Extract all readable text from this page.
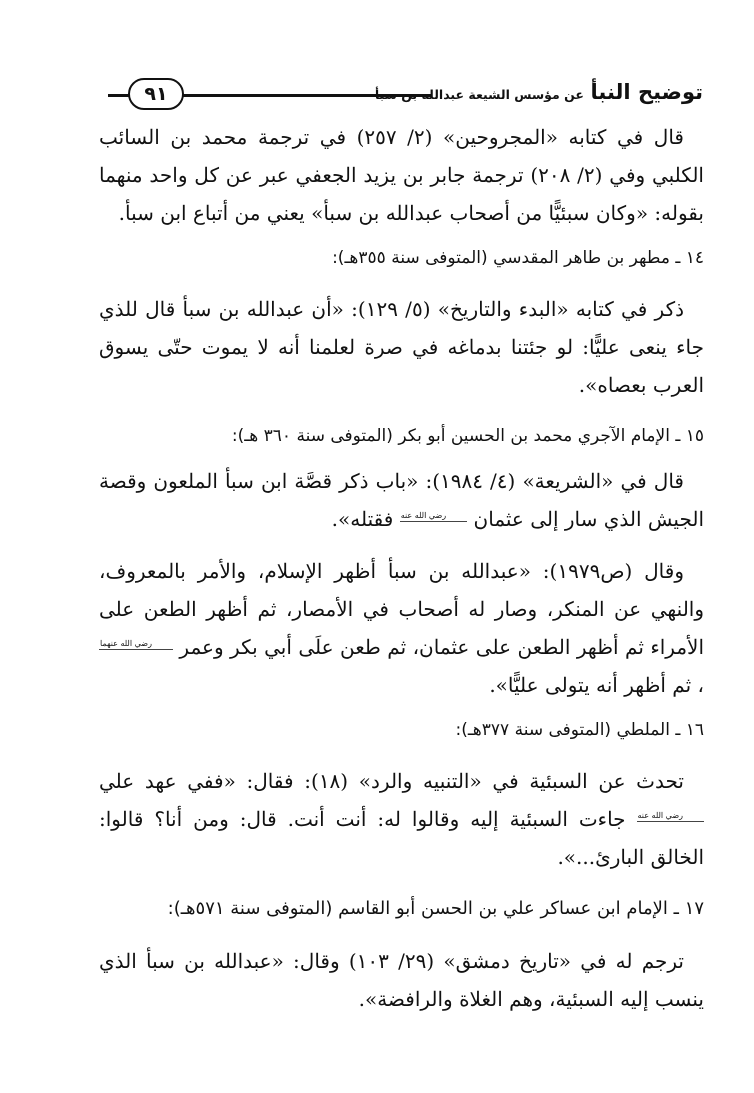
توضيح النبأ عن مؤسس الشيعة عبدالله بن سبأ
٩١

قال في كتابه «المجروحين» (٢/ ٢٥٧) في ترجمة محمد بن السائب الكلبي وفي (٢/ ٢٠٨) ترجمة جابر بن يزيد الجعفي عبر عن كل واحد منهما بقوله: «وكان سبئيًّا من أصحاب عبدالله بن سبأ» يعني من أتباع ابن سبأ.

١٤ ـ مطهر بن طاهر المقدسي (المتوفى سنة ٣٥٥هـ):

ذكر في كتابه «البدء والتاريخ» (٥/ ١٢٩): «أن عبدالله بن سبأ قال للذي جاء ينعى عليًّا: لو جئتنا بدماغه في صرة لعلمنا أنه لا يموت حتّى يسوق العرب بعصاه».

١٥ ـ الإمام الآجري محمد بن الحسين أبو بكر (المتوفى سنة ٣٦٠ هـ):

قال في «الشريعة» (٤/ ١٩٨٤): «باب ذكر قصَّة ابن سبأ الملعون وقصة الجيش الذي سار إلى عثمان رضي الله عنه فقتله».

وقال (ص١٩٧٩): «عبدالله بن سبأ أظهر الإسلام، والأمر بالمعروف، والنهي عن المنكر، وصار له أصحاب في الأمصار، ثم أظهر الطعن على الأمراء ثم أظهر الطعن على عثمان، ثم طعن علَى أبي بكر وعمر رضي الله عنهما ، ثم أظهر أنه يتولى عليًّا».

١٦ ـ الملطي (المتوفى سنة ٣٧٧هـ):

تحدث عن السبئية في «التنبيه والرد» (١٨): فقال: «ففي عهد علي رضي الله عنه جاءت السبئية إليه وقالوا له: أنت أنت. قال: ومن أنا؟ قالوا: الخالق البارئ...».

١٧ ـ الإمام ابن عساكر علي بن الحسن أبو القاسم (المتوفى سنة ٥٧١هـ):

ترجم له في «تاريخ دمشق» (٢٩/ ١٠٣) وقال: «عبدالله بن سبأ الذي ينسب إليه السبئية، وهم الغلاة والرافضة».
